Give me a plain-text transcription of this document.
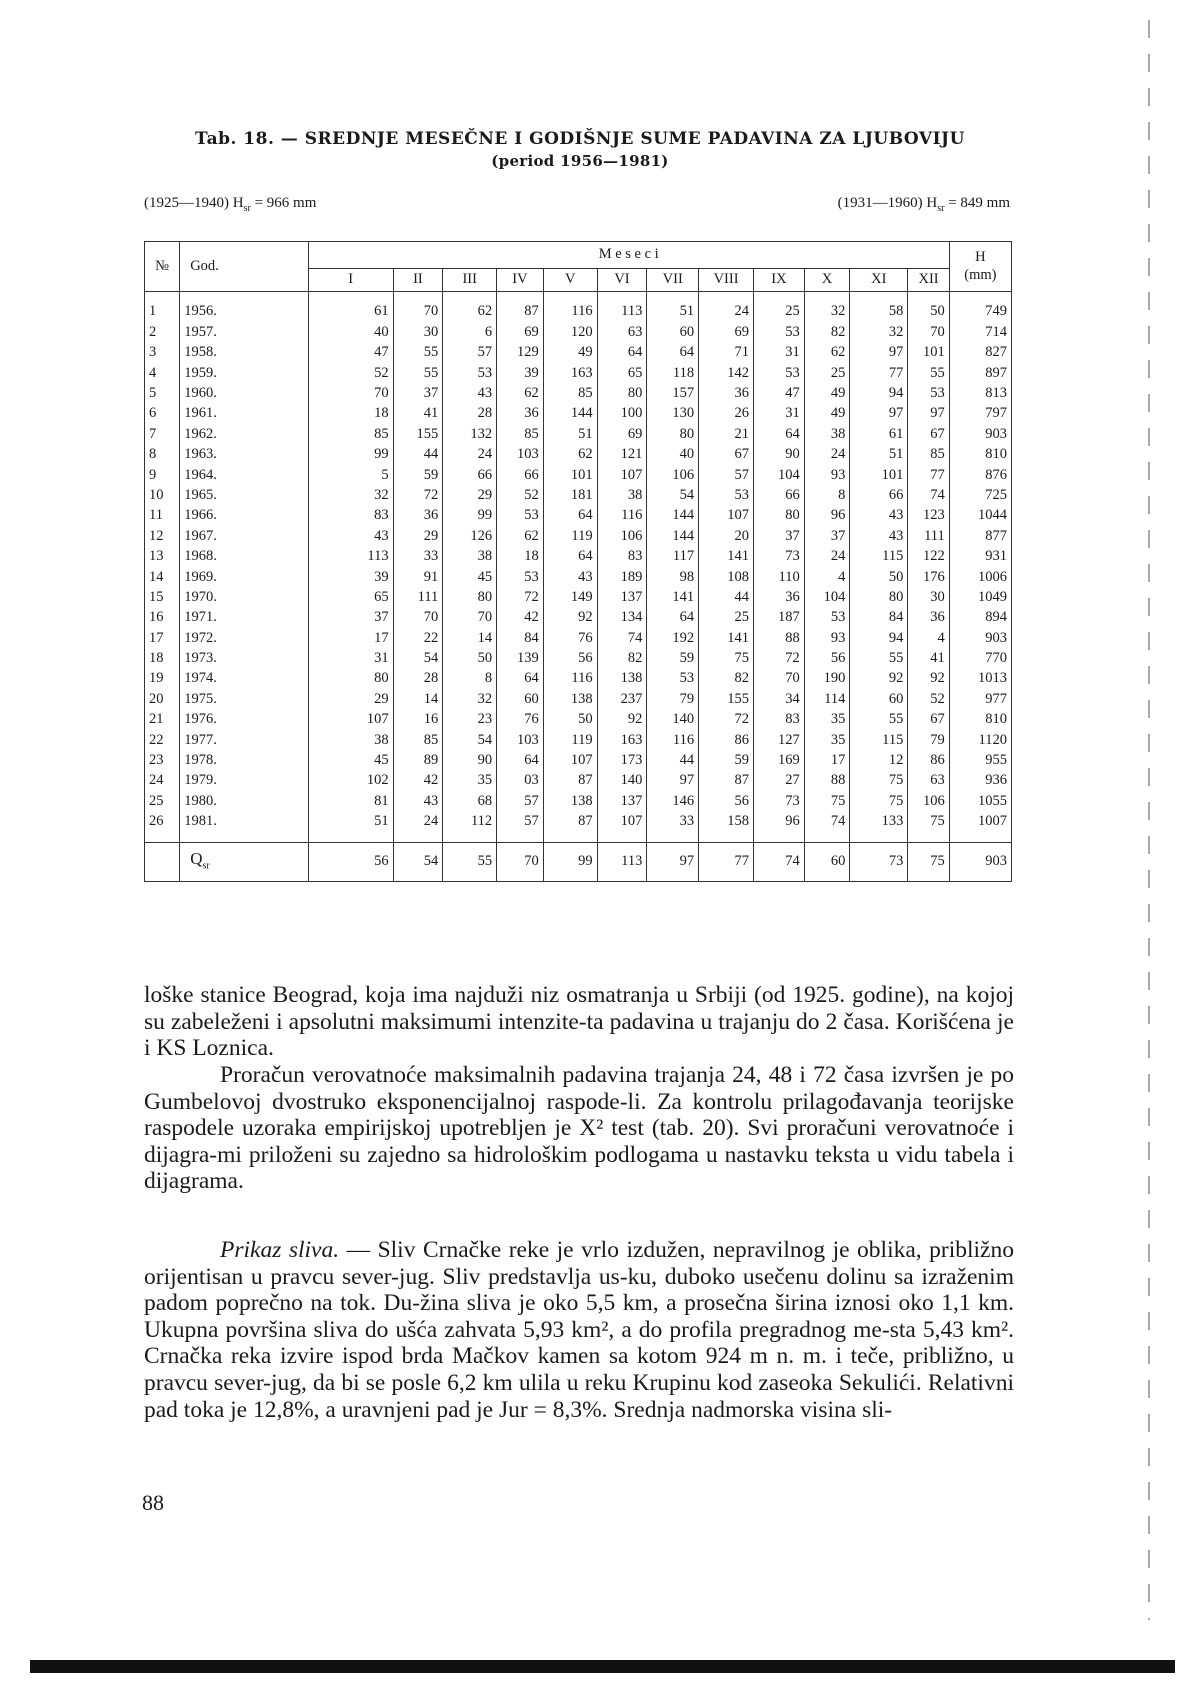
Tab. 18. — SREDNJE MESEČNE I GODIŠNJE SUME PADAVINA ZA LJUBOVIJU
(period 1956—1981)
(1925—1940) $H_{sr} = 966$ mm	(1931—1960) $H_{sr} = 849$ mm
№	God.	M e s e c i												H
(mm)

		I	II	III	IV	V	VI	VII	VIII	IX	X	XI	XII	

1	1956.	61	70	62	87	116	113	51	24	25	32	58	50	749
2	1957.	40	30	6	69	120	63	60	69	53	82	32	70	714
3	1958.	47	55	57	129	49	64	64	71	31	62	97	101	827
4	1959.	52	55	53	39	163	65	118	142	53	25	77	55	897
5	1960.	70	37	43	62	85	80	157	36	47	49	94	53	813
6	1961.	18	41	28	36	144	100	130	26	31	49	97	97	797
7	1962.	85	155	132	85	51	69	80	21	64	38	61	67	903
8	1963.	99	44	24	103	62	121	40	67	90	24	51	85	810
9	1964.	5	59	66	66	101	107	106	57	104	93	101	77	876
10	1965.	32	72	29	52	181	38	54	53	66	8	66	74	725
11	1966.	83	36	99	53	64	116	144	107	80	96	43	123	1044
12	1967.	43	29	126	62	119	106	144	20	37	37	43	111	877
13	1968.	113	33	38	18	64	83	117	141	73	24	115	122	931
14	1969.	39	91	45	53	43	189	98	108	110	4	50	176	1006
15	1970.	65	111	80	72	149	137	141	44	36	104	80	30	1049
16	1971.	37	70	70	42	92	134	64	25	187	53	84	36	894
17	1972.	17	22	14	84	76	74	192	141	88	93	94	4	903
18	1973.	31	54	50	139	56	82	59	75	72	56	55	41	770
19	1974.	80	28	8	64	116	138	53	82	70	190	92	92	1013
20	1975.	29	14	32	60	138	237	79	155	34	114	60	52	977
21	1976.	107	16	23	76	50	92	140	72	83	35	55	67	810
22	1977.	38	85	54	103	119	163	116	86	127	35	115	79	1120
23	1978.	45	89	90	64	107	173	44	59	169	17	12	86	955
24	1979.	102	42	35	03	87	140	97	87	27	88	75	63	936
25	1980.	81	43	68	57	138	137	146	56	73	75	75	106	1055
26	1981.	51	24	112	57	87	107	33	158	96	74	133	75	1007

	$Q_{sr}$	56	54	55	70	99	113	97	77	74	60	73	75	903
loške stanice Beograd, koja ima najduži niz osmatranja u Srbiji (od 1925. godine), na kojoj su zabeleženi i apsolutni maksimumi intenzite-ta padavina u trajanju do 2 časa. Korišćena je i KS Loznica.
Proračun verovatnoće maksimalnih padavina trajanja 24, 48 i 72 časa izvršen je po Gumbelovoj dvostruko eksponencijalnoj raspode-li. Za kontrolu prilagođavanja teorijske raspodele uzoraka empirijskoj upotrebljen je X² test (tab. 20). Svi proračuni verovatnoće i dijagra-mi priloženi su zajedno sa hidrološkim podlogama u nastavku teksta u vidu tabela i dijagrama.
Prikaz sliva. — Sliv Crnačke reke je vrlo izdužen, nepravilnog je oblika, približno orijentisan u pravcu sever-jug. Sliv predstavlja us-ku, duboko usečenu dolinu sa izraženim padom poprečno na tok. Du-žina sliva je oko 5,5 km, a prosečna širina iznosi oko 1,1 km. Ukupna površina sliva do ušća zahvata 5,93 km², a do profila pregradnog me-sta 5,43 km². Crnačka reka izvire ispod brda Mačkov kamen sa kotom 924 m n. m. i teče, približno, u pravcu sever-jug, da bi se posle 6,2 km ulila u reku Krupinu kod zaseoka Sekulići. Relativni pad toka je 12,8%, a uravnjeni pad je Jur = 8,3%. Srednja nadmorska visina sli-
88
